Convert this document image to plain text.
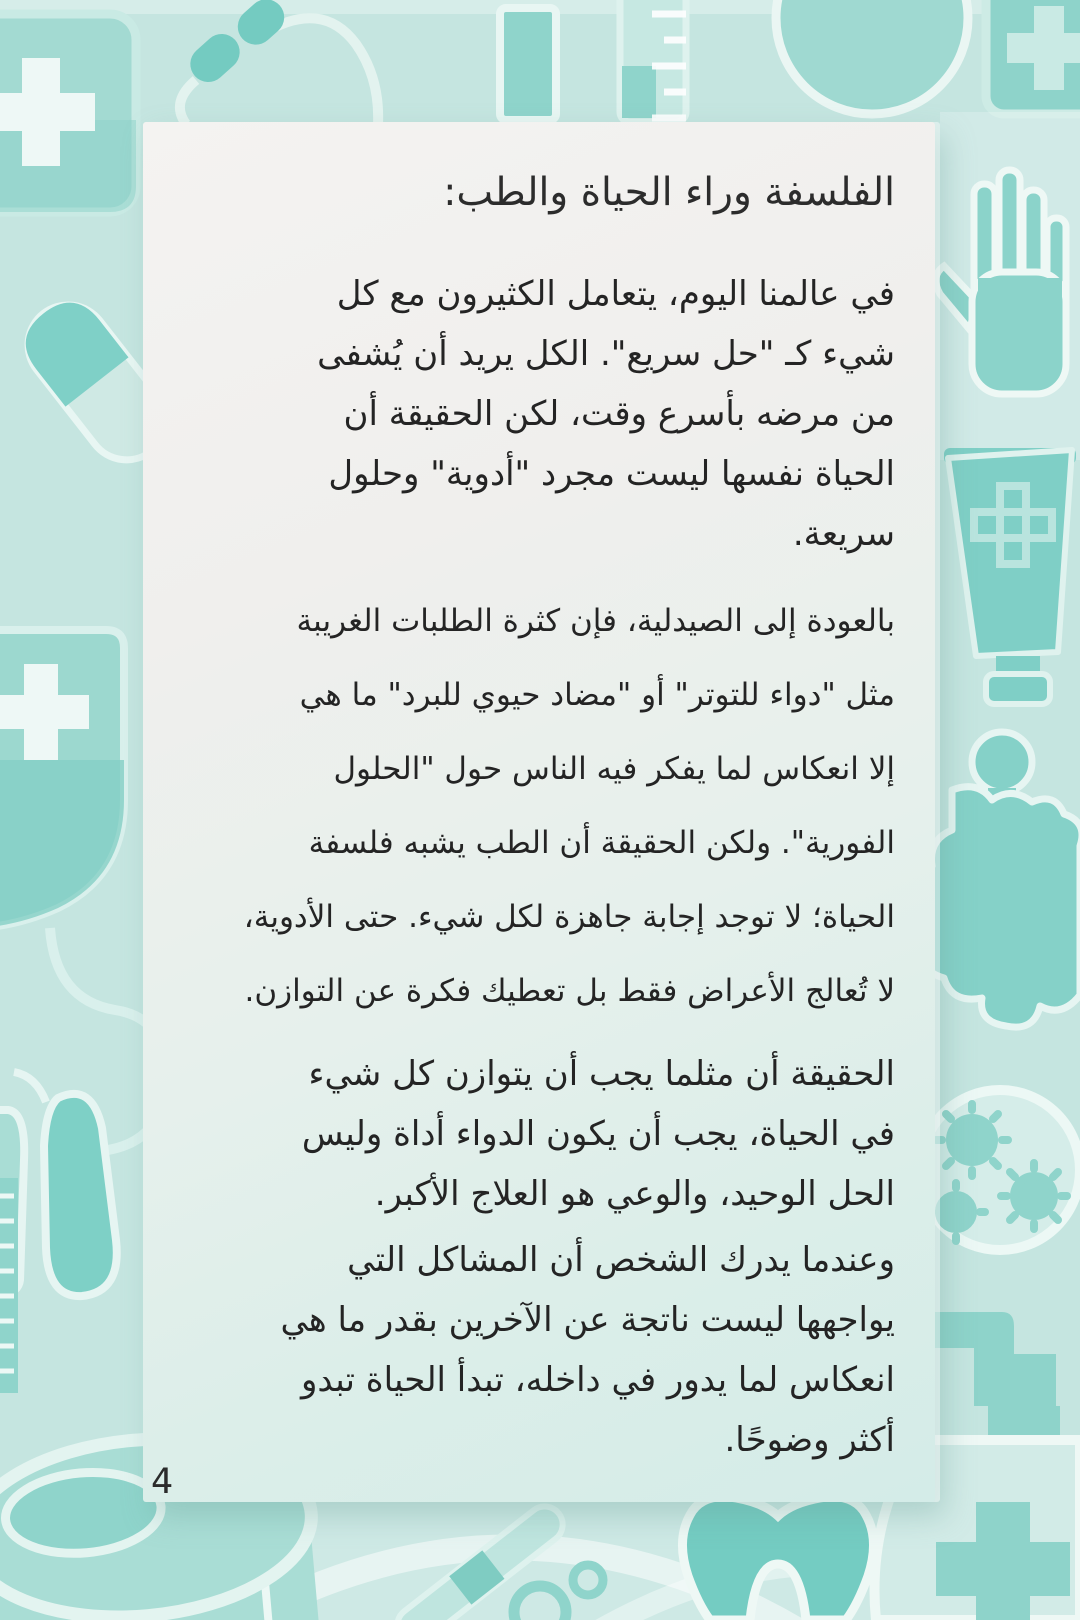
الفلسفة وراء الحياة والطب:

في عالمنا اليوم، يتعامل الكثيرون مع كل
شيء كـ "حل سريع". الكل يريد أن يُشفى
من مرضه بأسرع وقت، لكن الحقيقة أن
الحياة نفسها ليست مجرد "أدوية" وحلول
سريعة.

بالعودة إلى الصيدلية، فإن كثرة الطلبات الغريبة
مثل "دواء للتوتر" أو "مضاد حيوي للبرد" ما هي
إلا انعكاس لما يفكر فيه الناس حول "الحلول
الفورية". ولكن الحقيقة أن الطب يشبه فلسفة
الحياة؛ لا توجد إجابة جاهزة لكل شيء. حتى الأدوية،
لا تُعالج الأعراض فقط بل تعطيك فكرة عن التوازن.

الحقيقة أن مثلما يجب أن يتوازن كل شيء
في الحياة، يجب أن يكون الدواء أداة وليس
الحل الوحيد، والوعي هو العلاج الأكبر.

وعندما يدرك الشخص أن المشاكل التي
يواجهها ليست ناتجة عن الآخرين بقدر ما هي
انعكاس لما يدور في داخله، تبدأ الحياة تبدو
أكثر وضوحًا.

4
